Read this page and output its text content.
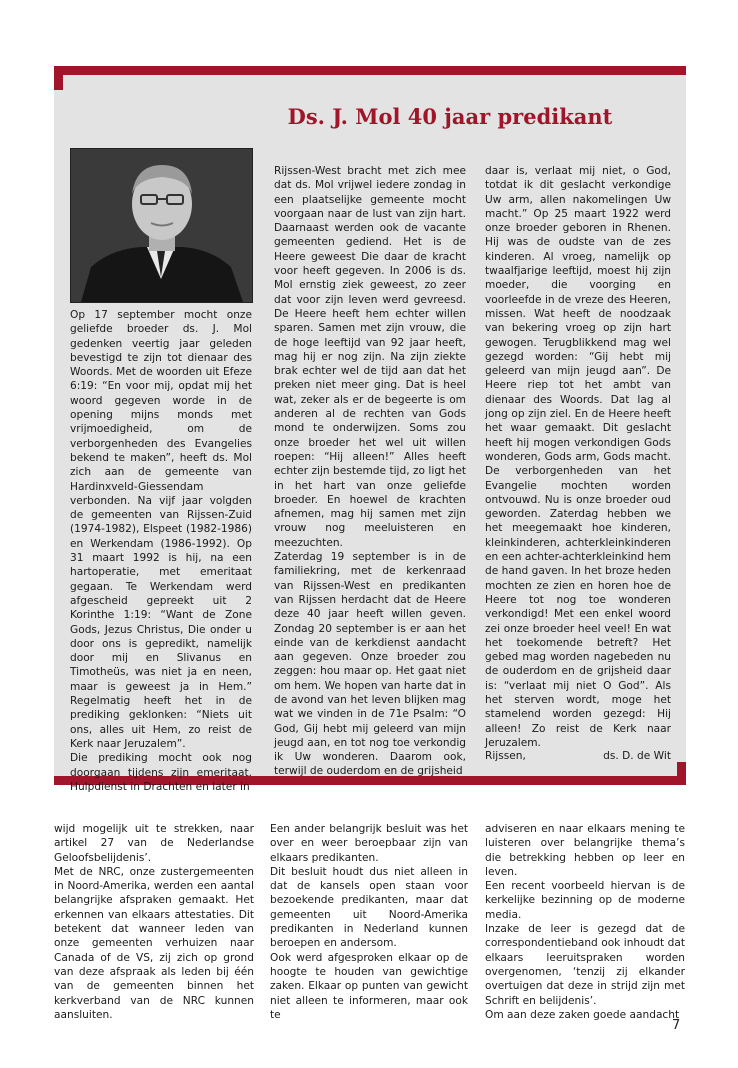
Ds. J. Mol 40 jaar predikant

Op 17 september mocht onze geliefde broeder ds. J. Mol gedenken veertig jaar geleden bevestigd te zijn tot dienaar des Woords. Met de woorden uit Efeze 6:19: “En voor mij, opdat mij het woord gegeven worde in de opening mijns monds met vrijmoedigheid, om de verborgenheden des Evangelies bekend te maken”, heeft ds. Mol zich aan de gemeente van Hardinxveld-Giessendam verbonden. Na vijf jaar volgden de gemeenten van Rijssen-Zuid (1974-1982), Elspeet (1982-1986) en Werkendam (1986-1992). Op 31 maart 1992 is hij, na een hartoperatie, met emeritaat gegaan. Te Werkendam werd afgescheid gepreekt uit 2 Korinthe 1:19: “Want de Zone Gods, Jezus Christus, Die onder u door ons is gepredikt, namelijk door mij en Slivanus en Timotheüs, was niet ja en neen, maar is geweest ja in Hem.” Regelmatig heeft het in de prediking geklonken: “Niets uit ons, alles uit Hem, zo reist de Kerk naar Jeruzalem”.

Die prediking mocht ook nog doorgaan tijdens zijn emeritaat. Hulpdienst in Drachten en later in

Rijssen-West bracht met zich mee dat ds. Mol vrijwel iedere zondag in een plaatselijke gemeente mocht voorgaan naar de lust van zijn hart. Daarnaast werden ook de vacante gemeenten gediend. Het is de Heere geweest Die daar de kracht voor heeft gegeven. In 2006 is ds. Mol ernstig ziek geweest, zo zeer dat voor zijn leven werd gevreesd. De Heere heeft hem echter willen sparen. Samen met zijn vrouw, die de hoge leeftijd van 92 jaar heeft, mag hij er nog zijn. Na zijn ziekte brak echter wel de tijd aan dat het preken niet meer ging. Dat is heel wat, zeker als er de begeerte is om anderen al de rechten van Gods mond te onderwijzen. Soms zou onze broeder het wel uit willen roepen: “Hij alleen!” Alles heeft echter zijn bestemde tijd, zo ligt het in het hart van onze geliefde broeder. En hoewel de krachten afnemen, mag hij samen met zijn vrouw nog meeluisteren en meezuchten.

Zaterdag 19 september is in de familiekring, met de kerkenraad van Rijssen-West en predikanten van Rijssen herdacht dat de Heere deze 40 jaar heeft willen geven. Zondag 20 september is er aan het einde van de kerkdienst aandacht aan gegeven. Onze broeder zou zeggen: hou maar op. Het gaat niet om hem. We hopen van harte dat in de avond van het leven blijken mag wat we vinden in de 71e Psalm: “O God, Gij hebt mij geleerd van mijn jeugd aan, en tot nog toe verkondig ik Uw wonderen. Daarom ook, terwijl de ouderdom en de grijsheid

daar is, verlaat mij niet, o God, totdat ik dit geslacht verkondige Uw arm, allen nakomelingen Uw macht.” Op 25 maart 1922 werd onze broeder geboren in Rhenen. Hij was de oudste van de zes kinderen. Al vroeg, namelijk op twaalfjarige leeftijd, moest hij zijn moeder, die voorging en voorleefde in de vreze des Heeren, missen. Wat heeft de noodzaak van bekering vroeg op zijn hart gewogen. Terugblikkend mag wel gezegd worden: “Gij hebt mij geleerd van mijn jeugd aan”. De Heere riep tot het ambt van dienaar des Woords. Dat lag al jong op zijn ziel. En de Heere heeft het waar gemaakt. Dit geslacht heeft hij mogen verkondigen Gods wonderen, Gods arm, Gods macht. De verborgenheden van het Evangelie mochten worden ontvouwd. Nu is onze broeder oud geworden. Zaterdag hebben we het meegemaakt hoe kinderen, kleinkinderen, achterkleinkinderen en een achter-achterkleinkind hem de hand gaven. In het broze heden mochten ze zien en horen hoe de Heere tot nog toe wonderen verkondigd! Met een enkel woord zei onze broeder heel veel! En wat het toekomende betreft? Het gebed mag worden nagebeden nu de ouderdom en de grijsheid daar is: “verlaat mij niet O God”. Als het sterven wordt, moge het stamelend worden gezegd: Hij alleen! Zo reist de Kerk naar Jeruzalem.

Rijssen,	ds. D. de Wit

wijd mogelijk uit te strekken, naar artikel 27 van de Nederlandse Geloofsbelijdenis’.

Met de NRC, onze zustergemeenten in Noord-Amerika, werden een aantal belangrijke afspraken gemaakt. Het erkennen van elkaars attestaties. Dit betekent dat wanneer leden van onze gemeenten verhuizen naar Canada of de VS, zij zich op grond van deze afspraak als leden bij één van de gemeenten binnen het kerkverband van de NRC kunnen aansluiten.

Een ander belangrijk besluit was het over en weer beroepbaar zijn van elkaars predikanten.

Dit besluit houdt dus niet alleen in dat de kansels open staan voor bezoekende predikanten, maar dat gemeenten uit Noord-Amerika predikanten in Nederland kunnen beroepen en andersom.

Ook werd afgesproken elkaar op de hoogte te houden van gewichtige zaken. Elkaar op punten van gewicht niet alleen te informeren, maar ook te

adviseren en naar elkaars mening te luisteren over belangrijke thema’s die betrekking hebben op leer en leven.

Een recent voorbeeld hiervan is de kerkelijke bezinning op de moderne media.

Inzake de leer is gezegd dat de correspondentieband ook inhoudt dat elkaars leeruitspraken worden overgenomen, ‘tenzij zij elkander overtuigen dat deze in strijd zijn met Schrift en belijdenis’.

Om aan deze zaken goede aandacht

7
